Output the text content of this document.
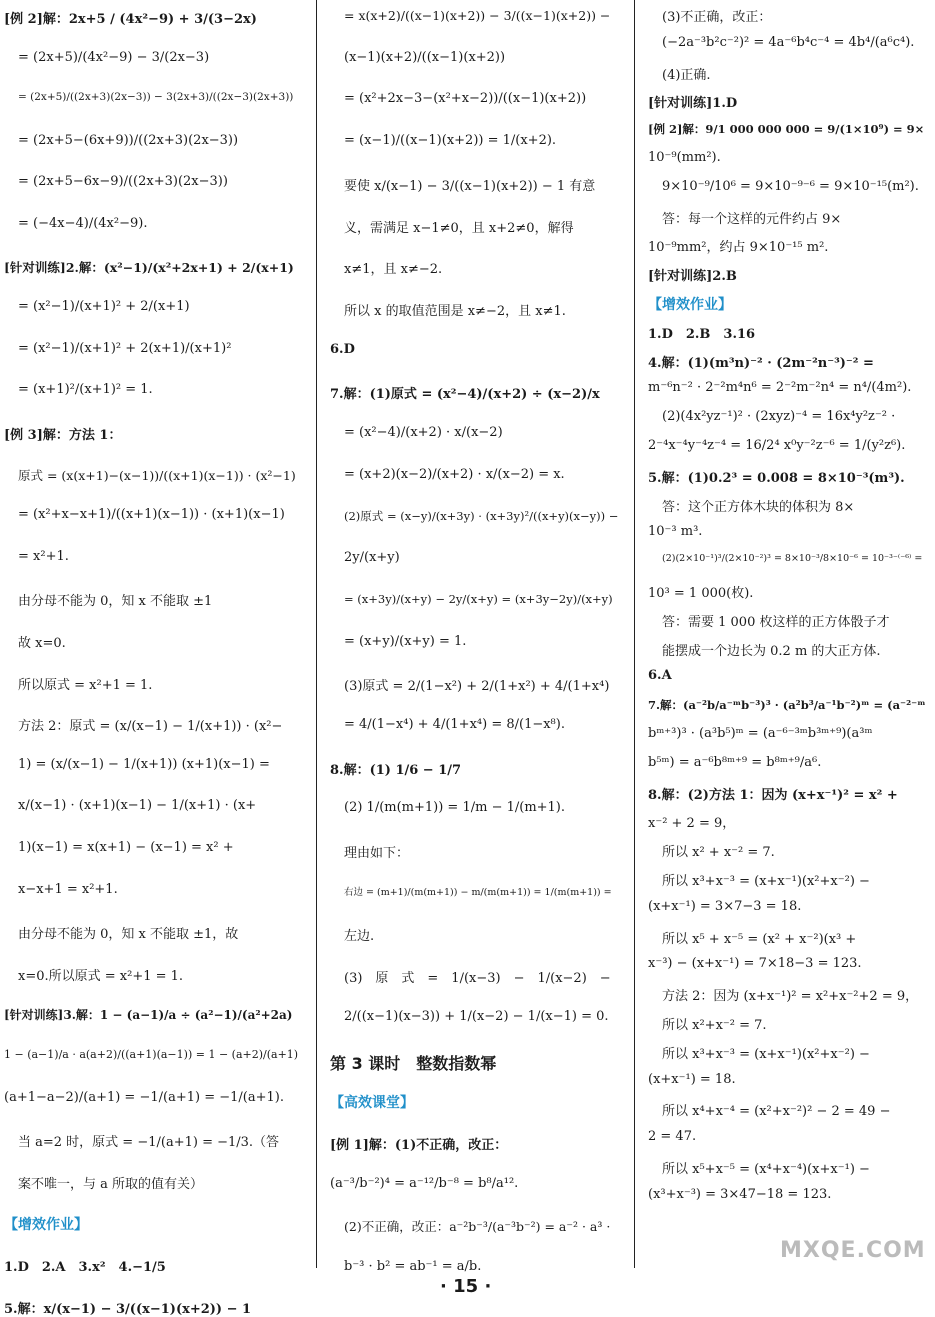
[例 2]解：2x+5 / (4x²−9) + 3/(3−2x)
= (2x+5)/(4x²−9) − 3/(2x−3)
= (2x+5)/((2x+3)(2x−3)) − 3(2x+3)/((2x−3)(2x+3))
= (2x+5−(6x+9))/((2x+3)(2x−3))
= (2x+5−6x−9)/((2x+3)(2x−3))
= (−4x−4)/(4x²−9).
[针对训练]2.解：(x²−1)/(x²+2x+1) + 2/(x+1)
= (x²−1)/(x+1)² + 2/(x+1)
= (x²−1)/(x+1)² + 2(x+1)/(x+1)²
= (x+1)²/(x+1)² = 1.
[例 3]解：方法 1：
原式 = (x(x+1)−(x−1))/((x+1)(x−1)) · (x²−1)
= (x²+x−x+1)/((x+1)(x−1)) · (x+1)(x−1)
= x²+1.
由分母不能为 0，知 x 不能取 ±1
故 x=0.
所以原式 = x²+1 = 1.
方法 2：原式 = (x/(x−1) − 1/(x+1)) · (x²−
1) = (x/(x−1) − 1/(x+1)) (x+1)(x−1) =
x/(x−1) · (x+1)(x−1) − 1/(x+1) · (x+
1)(x−1) = x(x+1) − (x−1) = x² +
x−x+1 = x²+1.
由分母不能为 0，知 x 不能取 ±1，故
x=0.所以原式 = x²+1 = 1.
[针对训练]3.解：1 − (a−1)/a ÷ (a²−1)/(a²+2a)
1 − (a−1)/a · a(a+2)/((a+1)(a−1)) = 1 − (a+2)/(a+1)
(a+1−a−2)/(a+1) = −1/(a+1) = −1/(a+1).
当 a=2 时，原式 = −1/(a+1) = −1/3.（答
案不唯一，与 a 所取的值有关）
【增效作业】
1.D　2.A　3.x²　4.−1/5
5.解：x/(x−1) − 3/((x−1)(x+2)) − 1
= x(x+2)/((x−1)(x+2)) − 3/((x−1)(x+2)) −
(x−1)(x+2)/((x−1)(x+2))
= (x²+2x−3−(x²+x−2))/((x−1)(x+2))
= (x−1)/((x−1)(x+2)) = 1/(x+2).
要使 x/(x−1) − 3/((x−1)(x+2)) − 1 有意
义，需满足 x−1≠0，且 x+2≠0，解得
x≠1，且 x≠−2.
所以 x 的取值范围是 x≠−2，且 x≠1.
6.D
7.解：(1)原式 = (x²−4)/(x+2) ÷ (x−2)/x
= (x²−4)/(x+2) · x/(x−2)
= (x+2)(x−2)/(x+2) · x/(x−2) = x.
(2)原式 = (x−y)/(x+3y) · (x+3y)²/((x+y)(x−y)) −
2y/(x+y)
= (x+3y)/(x+y) − 2y/(x+y) = (x+3y−2y)/(x+y)
= (x+y)/(x+y) = 1.
(3)原式 = 2/(1−x²) + 2/(1+x²) + 4/(1+x⁴)
= 4/(1−x⁴) + 4/(1+x⁴) = 8/(1−x⁸).
8.解：(1) 1/6 − 1/7
(2) 1/(m(m+1)) = 1/m − 1/(m+1).
理由如下：
右边 = (m+1)/(m(m+1)) − m/(m(m+1)) = 1/(m(m+1)) =
左边.
(3)　原　式　=　1/(x−3)　−　1/(x−2)　−
2/((x−1)(x−3)) + 1/(x−2) − 1/(x−1) = 0.
第 3 课时　整数指数幂
【高效课堂】
[例 1]解：(1)不正确，改正：
(a⁻³/b⁻²)⁴ = a⁻¹²/b⁻⁸ = b⁸/a¹².
(2)不正确，改正：a⁻²b⁻³/(a⁻³b⁻²) = a⁻² · a³ ·
b⁻³ · b² = ab⁻¹ = a/b.
(3)不正确，改正：
(−2a⁻³b²c⁻²)² = 4a⁻⁶b⁴c⁻⁴ = 4b⁴/(a⁶c⁴).
(4)正确.
[针对训练]1.D
[例 2]解：9/1 000 000 000 = 9/(1×10⁹) = 9×
10⁻⁹(mm²).
9×10⁻⁹/10⁶ = 9×10⁻⁹⁻⁶ = 9×10⁻¹⁵(m²).
答：每一个这样的元件约占 9×
10⁻⁹mm²，约占 9×10⁻¹⁵ m².
[针对训练]2.B
【增效作业】
1.D　2.B　3.16
4.解：(1)(m³n)⁻² · (2m⁻²n⁻³)⁻² =
m⁻⁶n⁻² · 2⁻²m⁴n⁶ = 2⁻²m⁻²n⁴ = n⁴/(4m²).
(2)(4x²yz⁻¹)² · (2xyz)⁻⁴ = 16x⁴y²z⁻² ·
2⁻⁴x⁻⁴y⁻⁴z⁻⁴ = 16/2⁴ x⁰y⁻²z⁻⁶ = 1/(y²z⁶).
5.解：(1)0.2³ = 0.008 = 8×10⁻³(m³).
答：这个正方体木块的体积为 8×
10⁻³ m³.
(2)(2×10⁻¹)³/(2×10⁻²)³ = 8×10⁻³/8×10⁻⁶ = 10⁻³⁻⁽⁻⁶⁾ =
10³ = 1 000(枚).
答：需要 1 000 枚这样的正方体骰子才
能摆成一个边长为 0.2 m 的大正方体.
6.A
7.解：(a⁻²b/a⁻ᵐb⁻³)³ · (a²b³/a⁻¹b⁻²)ᵐ = (a⁻²⁻ᵐ
bᵐ⁺³)³ · (a³b⁵)ᵐ = (a⁻⁶⁻³ᵐb³ᵐ⁺⁹)(a³ᵐ
b⁵ᵐ) = a⁻⁶b⁸ᵐ⁺⁹ = b⁸ᵐ⁺⁹/a⁶.
8.解：(2)方法 1：因为 (x+x⁻¹)² = x² +
x⁻² + 2 = 9，
所以 x² + x⁻² = 7.
所以 x³+x⁻³ = (x+x⁻¹)(x²+x⁻²) −
(x+x⁻¹) = 3×7−3 = 18.
所以 x⁵ + x⁻⁵ = (x² + x⁻²)(x³ +
x⁻³) − (x+x⁻¹) = 7×18−3 = 123.
方法 2：因为 (x+x⁻¹)² = x²+x⁻²+2 = 9，
所以 x²+x⁻² = 7.
所以 x³+x⁻³ = (x+x⁻¹)(x²+x⁻²) −
(x+x⁻¹) = 18.
所以 x⁴+x⁻⁴ = (x²+x⁻²)² − 2 = 49 −
2 = 47.
所以 x⁵+x⁻⁵ = (x⁴+x⁻⁴)(x+x⁻¹) −
(x³+x⁻³) = 3×47−18 = 123.
· 15 ·
MXQE.COM
